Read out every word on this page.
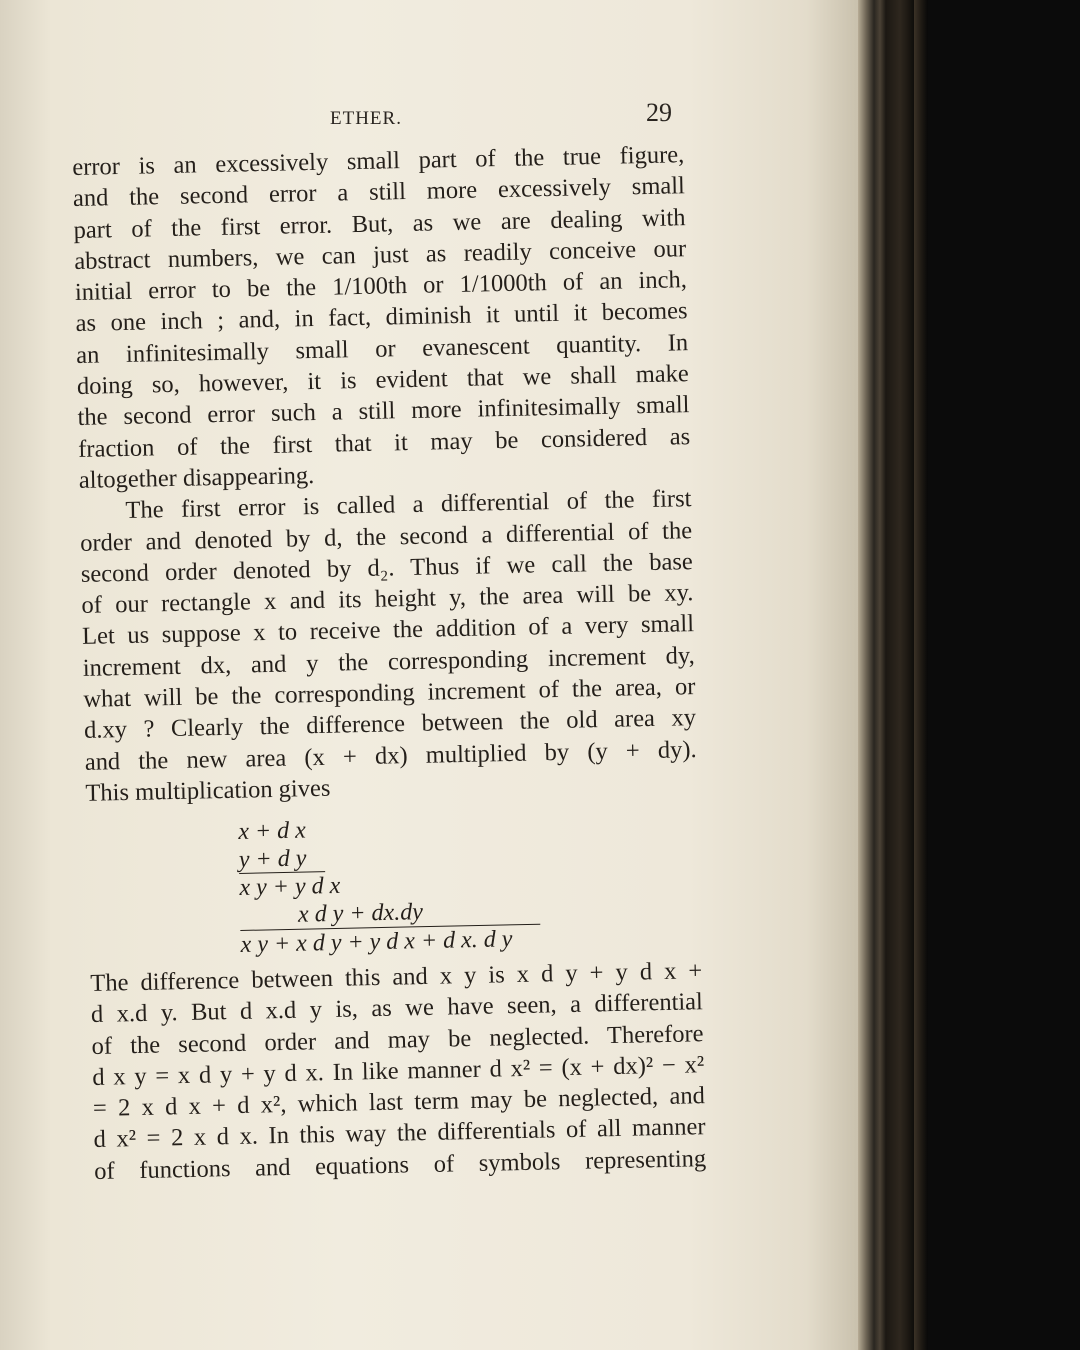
ETHER.	29
error is an excessively small part of the true figure,
and the second error a still more excessively small
part of the first error. But, as we are dealing with
abstract numbers, we can just as readily conceive our
initial error to be the 1/100th or 1/1000th of an inch,
as one inch ; and, in fact, diminish it until it becomes
an infinitesimally small or evanescent quantity. In
doing so, however, it is evident that we shall make
the second error such a still more infinitesimally small
fraction of the first that it may be considered as
altogether disappearing.
The first error is called a differential of the first
order and denoted by d, the second a differential of the
second order denoted by d₂. Thus if we call the base
of our rectangle x and its height y, the area will be xy.
Let us suppose x to receive the addition of a very small
increment dx, and y the corresponding increment dy,
what will be the corresponding increment of the area, or
d.xy ? Clearly the difference between the old area xy
and the new area (x + dx) multiplied by (y + dy).
This multiplication gives
x + d x
y + d y
x y + y d x
x d y + dx.dy
x y + x d y + y d x + d x. d y
The difference between this and x y is x d y + y d x +
d x.d y. But d x.d y is, as we have seen, a differential
of the second order and may be neglected. Therefore
d x y = x d y + y d x. In like manner d x² = (x + dx)² − x²
= 2 x d x + d x², which last term may be neglected, and
d x² = 2 x d x. In this way the differentials of all manner
of functions and equations of symbols representing
